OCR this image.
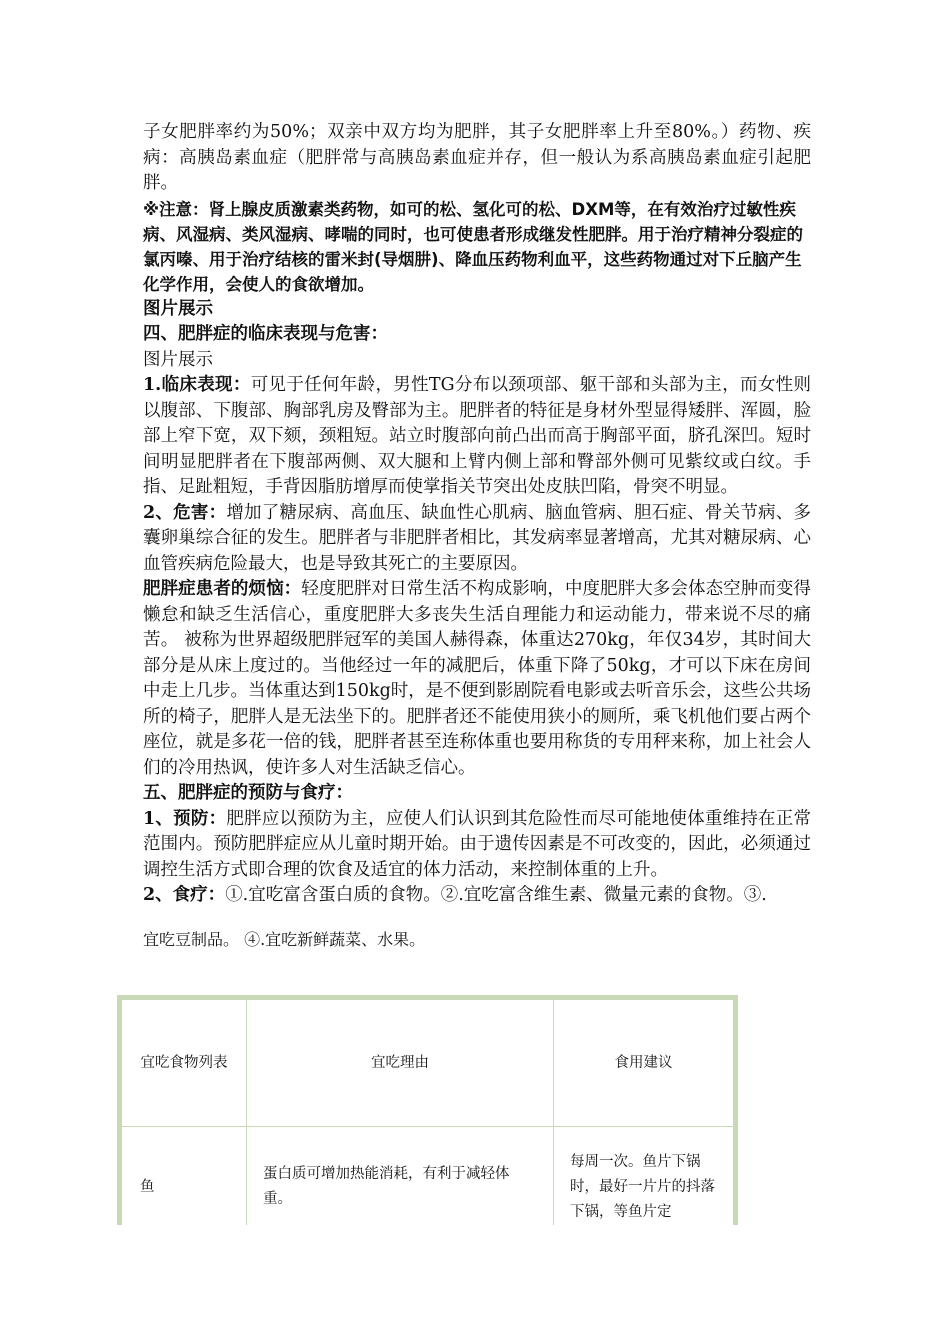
子女肥胖率约为50%；双亲中双方均为肥胖，其子女肥胖率上升至80%。）药物、疾病：高胰岛素血症（肥胖常与高胰岛素血症并存，但一般认为系高胰岛素血症引起肥胖。

※注意：肾上腺皮质激素类药物，如可的松、氢化可的松、DXM等，在有效治疗过敏性疾病、风湿病、类风湿病、哮喘的同时，也可使患者形成继发性肥胖。用于治疗精神分裂症的氯丙嗪、用于治疗结核的雷米封(导烟肼)、降血压药物利血平，这些药物通过对下丘脑产生化学作用，会使人的食欲增加。

图片展示

四、肥胖症的临床表现与危害：

图片展示

1.临床表现：可见于任何年龄，男性TG分布以颈项部、躯干部和头部为主，而女性则以腹部、下腹部、胸部乳房及臀部为主。肥胖者的特征是身材外型显得矮胖、浑圆，脸部上窄下宽，双下颏，颈粗短。站立时腹部向前凸出而高于胸部平面，脐孔深凹。短时间明显肥胖者在下腹部两侧、双大腿和上臂内侧上部和臀部外侧可见紫纹或白纹。手指、足趾粗短，手背因脂肪增厚而使掌指关节突出处皮肤凹陷，骨突不明显。

2、危害：增加了糖尿病、高血压、缺血性心肌病、脑血管病、胆石症、骨关节病、多囊卵巢综合征的发生。肥胖者与非肥胖者相比，其发病率显著增高，尤其对糖尿病、心血管疾病危险最大，也是导致其死亡的主要原因。

肥胖症患者的烦恼：轻度肥胖对日常生活不构成影响，中度肥胖大多会体态空肿而变得懒怠和缺乏生活信心，重度肥胖大多丧失生活自理能力和运动能力，带来说不尽的痛苦。 被称为世界超级肥胖冠军的美国人赫得森，体重达270kg，年仅34岁，其时间大部分是从床上度过的。当他经过一年的减肥后，体重下降了50kg，才可以下床在房间中走上几步。当体重达到150kg时，是不便到影剧院看电影或去听音乐会，这些公共场所的椅子，肥胖人是无法坐下的。肥胖者还不能使用狭小的厕所，乘飞机他们要占两个座位，就是多花一倍的钱，肥胖者甚至连称体重也要用称货的专用秤来称，加上社会人们的冷用热讽，使许多人对生活缺乏信心。

五、肥胖症的预防与食疗：

1、预防：肥胖应以预防为主，应使人们认识到其危险性而尽可能地使体重维持在正常范围内。预防肥胖症应从儿童时期开始。由于遗传因素是不可改变的，因此，必须通过调控生活方式即合理的饮食及适宜的体力活动，来控制体重的上升。

2、食疗：①.宜吃富含蛋白质的食物。②.宜吃富含维生素、微量元素的食物。③.

宜吃豆制品。 ④.宜吃新鲜蔬菜、水果。

宜吃食物列表	宜吃理由	食用建议
鱼	蛋白质可增加热能消耗，有利于减轻体重。	每周一次。鱼片下锅时，最好一片片的抖落下锅，等鱼片定
